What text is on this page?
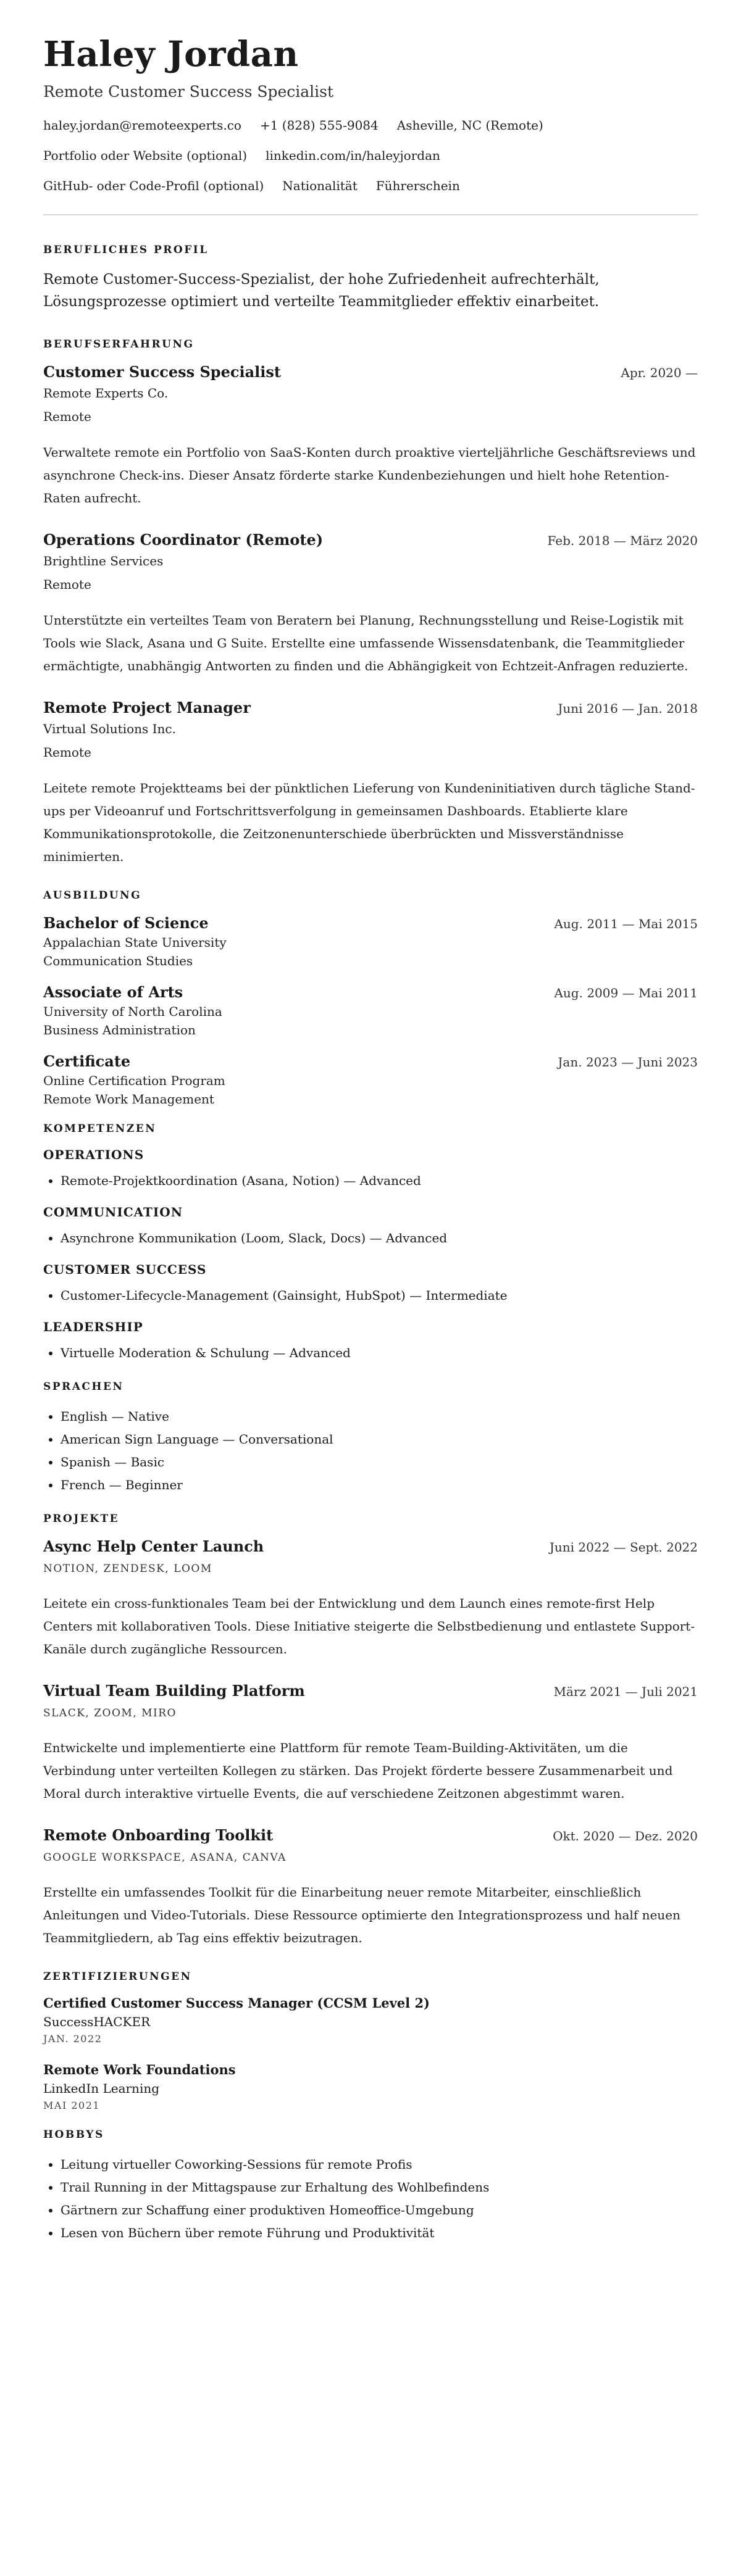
Haley Jordan
Remote Customer Success Specialist
haley.jordan@remoteexperts.co +1 (828) 555-9084 Asheville, NC (Remote)
Portfolio oder Website (optional) linkedin.com/in/haleyjordan
GitHub- oder Code-Profil (optional) Nationalität Führerschein
BERUFLICHES PROFIL

Remote Customer-Success-Spezialist, der hohe Zufriedenheit aufrechterhält, Lösungsprozesse optimiert und verteilte Teammitglieder effektiv einarbeitet.

BERUFSERFAHRUNG
Customer Success Specialist	Apr. 2020 —
Remote Experts Co.
Remote

Verwaltete remote ein Portfolio von SaaS-Konten durch proaktive vierteljährliche Geschäftsreviews und asynchrone Check-ins. Dieser Ansatz förderte starke Kundenbeziehungen und hielt hohe Retention-Raten aufrecht.

Operations Coordinator (Remote)	Feb. 2018 — März 2020
Brightline Services
Remote

Unterstützte ein verteiltes Team von Beratern bei Planung, Rechnungsstellung und Reise-Logistik mit Tools wie Slack, Asana und G Suite. Erstellte eine umfassende Wissensdatenbank, die Teammitglieder ermächtigte, unabhängig Antworten zu finden und die Abhängigkeit von Echtzeit-Anfragen reduzierte.

Remote Project Manager	Juni 2016 — Jan. 2018
Virtual Solutions Inc.
Remote

Leitete remote Projektteams bei der pünktlichen Lieferung von Kundeninitiativen durch tägliche Stand-ups per Videoanruf und Fortschrittsverfolgung in gemeinsamen Dashboards. Etablierte klare Kommunikationsprotokolle, die Zeitzonenunterschiede überbrückten und Missverständnisse minimierten.

AUSBILDUNG
Bachelor of Science	Aug. 2011 — Mai 2015
Appalachian State University
Communication Studies
Associate of Arts	Aug. 2009 — Mai 2011
University of North Carolina
Business Administration
Certificate	Jan. 2023 — Juni 2023
Online Certification Program
Remote Work Management
KOMPETENZEN
OPERATIONS
• Remote-Projektkoordination (Asana, Notion) — Advanced
COMMUNICATION
• Asynchrone Kommunikation (Loom, Slack, Docs) — Advanced
CUSTOMER SUCCESS
• Customer-Lifecycle-Management (Gainsight, HubSpot) — Intermediate
LEADERSHIP
• Virtuelle Moderation & Schulung — Advanced
SPRACHEN
• English — Native
• American Sign Language — Conversational
• Spanish — Basic
• French — Beginner
PROJEKTE
Async Help Center Launch	Juni 2022 — Sept. 2022
NOTION, ZENDESK, LOOM

Leitete ein cross-funktionales Team bei der Entwicklung und dem Launch eines remote-first Help Centers mit kollaborativen Tools. Diese Initiative steigerte die Selbstbedienung und entlastete Support-Kanäle durch zugängliche Ressourcen.

Virtual Team Building Platform	März 2021 — Juli 2021
SLACK, ZOOM, MIRO

Entwickelte und implementierte eine Plattform für remote Team-Building-Aktivitäten, um die Verbindung unter verteilten Kollegen zu stärken. Das Projekt förderte bessere Zusammenarbeit und Moral durch interaktive virtuelle Events, die auf verschiedene Zeitzonen abgestimmt waren.

Remote Onboarding Toolkit	Okt. 2020 — Dez. 2020
GOOGLE WORKSPACE, ASANA, CANVA

Erstellte ein umfassendes Toolkit für die Einarbeitung neuer remote Mitarbeiter, einschließlich Anleitungen und Video-Tutorials. Diese Ressource optimierte den Integrationsprozess und half neuen Teammitgliedern, ab Tag eins effektiv beizutragen.

ZERTIFIZIERUNGEN
Certified Customer Success Manager (CCSM Level 2)
SuccessHACKER
JAN. 2022
Remote Work Foundations
LinkedIn Learning
MAI 2021
HOBBYS
• Leitung virtueller Coworking-Sessions für remote Profis
• Trail Running in der Mittagspause zur Erhaltung des Wohlbefindens
• Gärtnern zur Schaffung einer produktiven Homeoffice-Umgebung
• Lesen von Büchern über remote Führung und Produktivität
